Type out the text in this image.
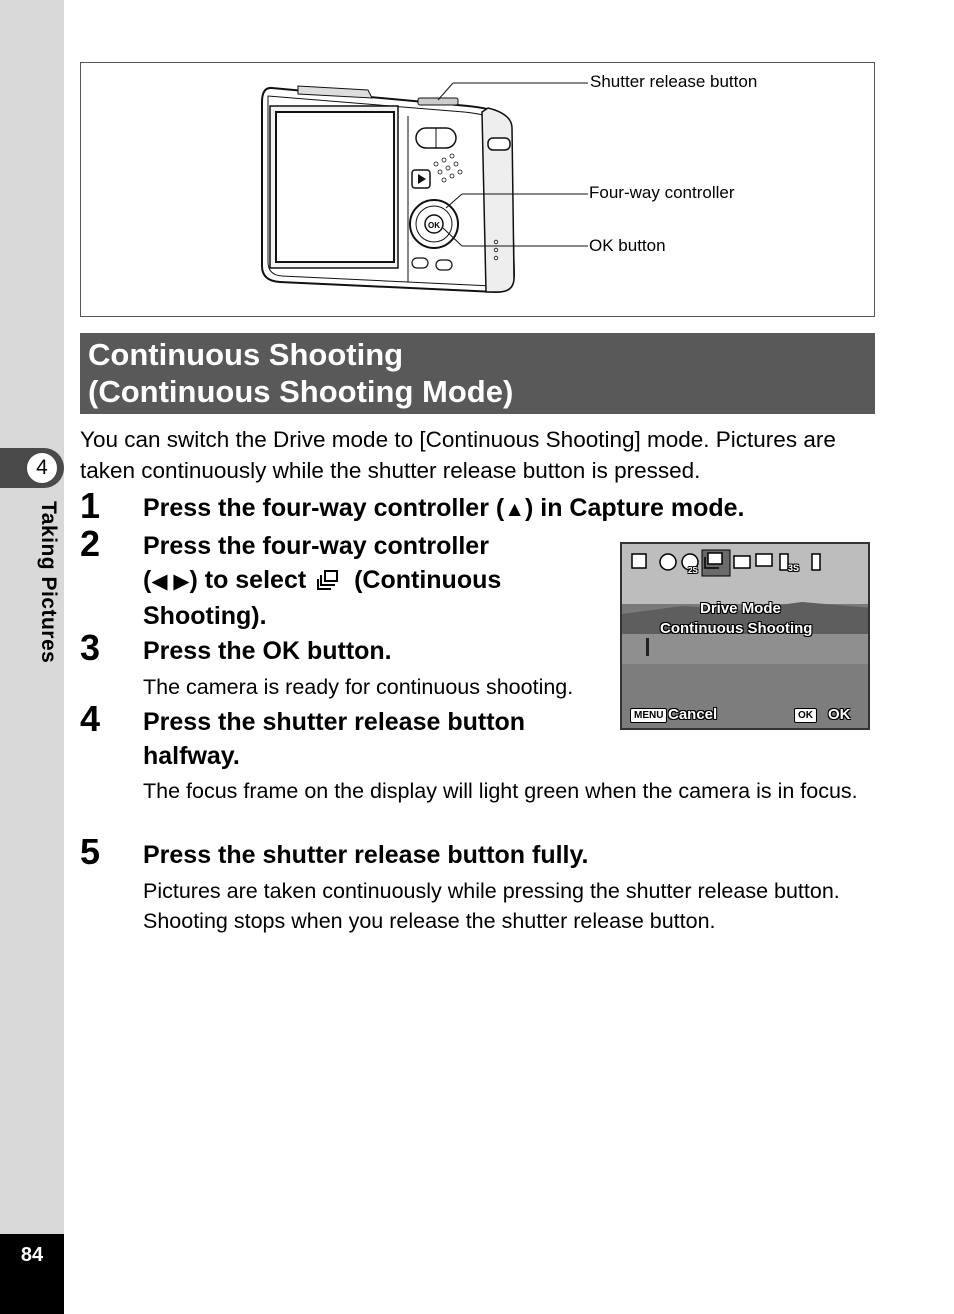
4
Taking Pictures
84
OK
Shutter release button
Four-way controller
OK button
Continuous Shooting
(Continuous Shooting Mode)

You can switch the Drive mode to [Continuous Shooting] mode. Pictures are taken continuously while the shutter release button is pressed.

1 Press the four-way controller (▲) in Capture mode.

2 Press the four-way controller
(◀ ▶) to select (Continuous
Shooting).

3 Press the OK button.

The camera is ready for continuous shooting.

4 Press the shutter release button
halfway.

The focus frame on the display will light green when the camera is in focus.

5 Press the shutter release button fully.

Pictures are taken continuously while pressing the shutter release button.
Shooting stops when you release the shutter release button.

2S	3S
Drive Mode
Continuous Shooting
MENU Cancel	OK OK
